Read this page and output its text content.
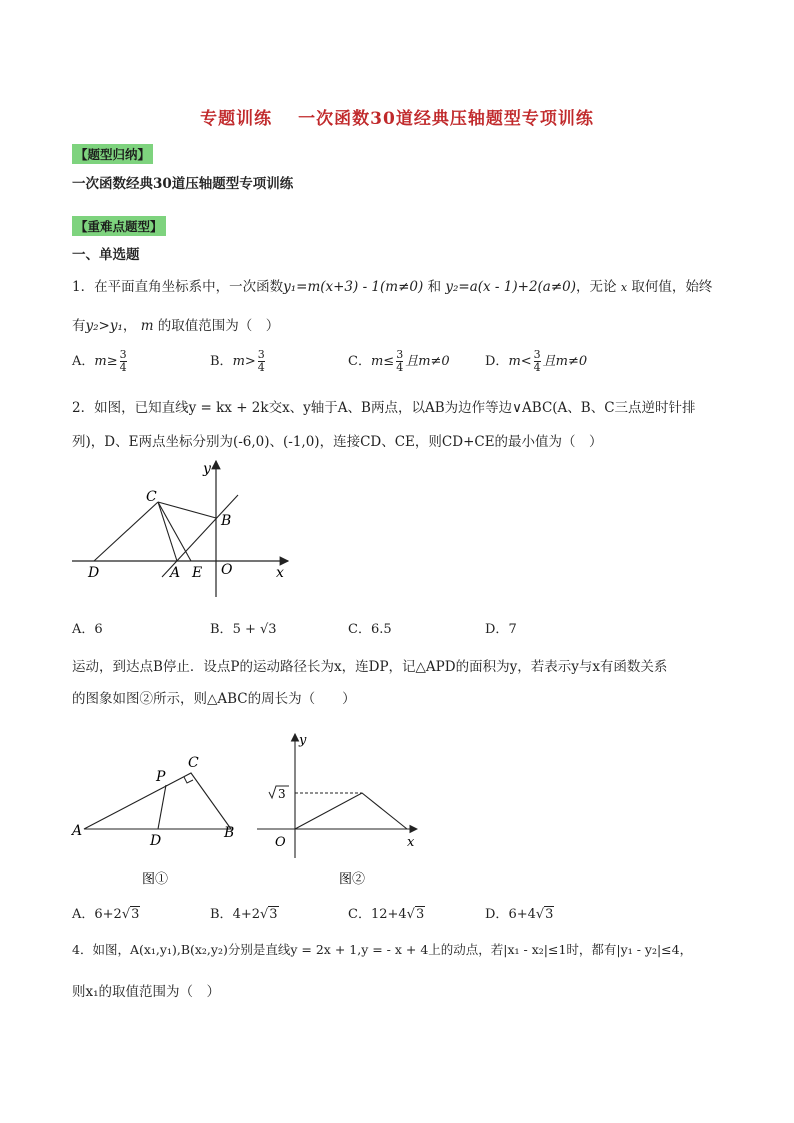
专题训练 一次函数30道经典压轴题型专项训练
【题型归纳】
一次函数经典30道压轴题型专项训练
【重难点题型】
一、单选题
1．在平面直角坐标系中，一次函数y₁=m(x+3) - 1(m≠0) 和 y₂=a(x - 1)+2(a≠0)，无论 x 取何值，始终
有y₂>y₁， m 的取值范围为（　）
A．$m\ge \frac{3}{4}$	B．$m> \frac{3}{4}$	C．$m\le \frac{3}{4}$ 且m≠0	D．$m< \frac{3}{4}$ 且m≠0
2．如图，已知直线y = kx + 2k交x、y轴于A、B两点，以AB为边作等边∨ABC(A、B、C三点逆时针排
列)，D、E两点坐标分别为(-6,0)、(-1,0)，连接CD、CE，则CD+CE的最小值为（　）
y
x
C
B
D	A E O
A．6	B．5 + √3	C．6.5	D．7
运动，到达点B停止．设点P的运动路径长为x，连DP，记△APD的面积为y，若表示y与x有函数关系
的图象如图②所示，则△ABC的周长为（　　）
A	B
C
P
D
图①
y
x
O
3
图②
A．6+2√3	B．4+2√3	C．12+4√3	D．6+4√3
4．如图，A(x₁,y₁),B(x₂,y₂)分别是直线y = 2x + 1,y = - x + 4上的动点，若|x₁ - x₂|≤1时，都有|y₁ - y₂|≤4，
则x₁的取值范围为（　）
